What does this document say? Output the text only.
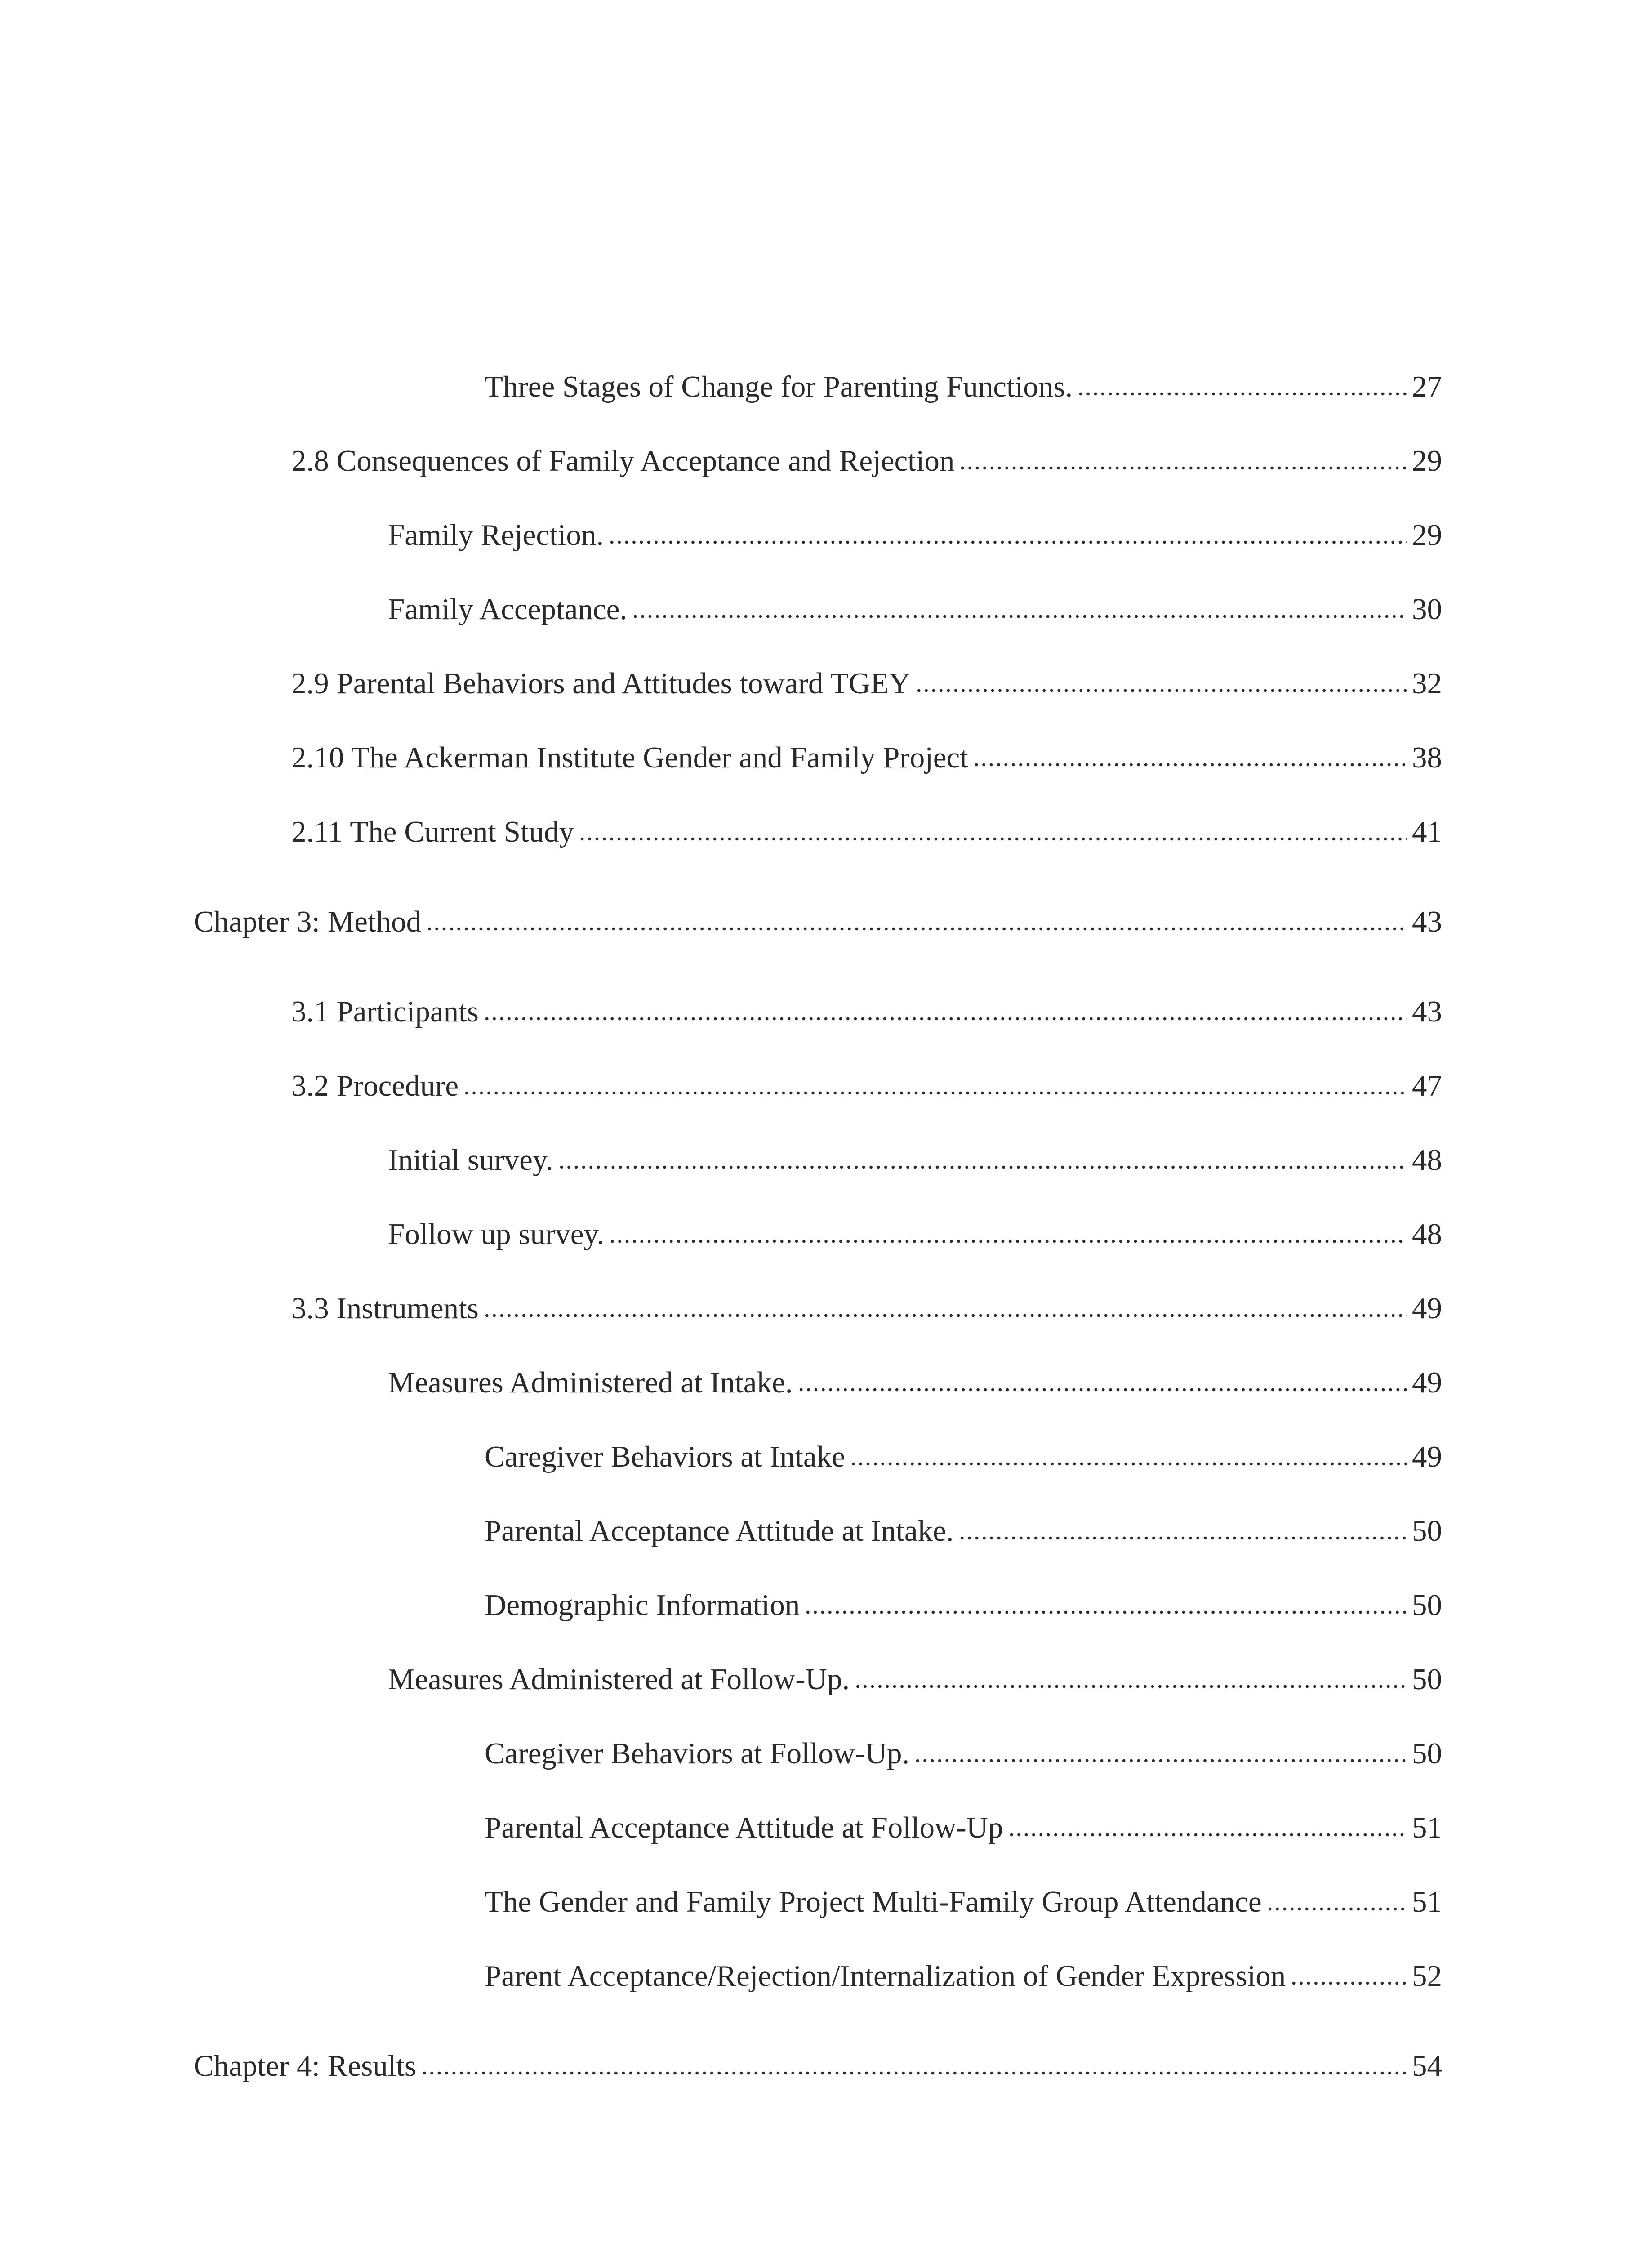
Three Stages of Change for Parenting Functions.	27
2.8 Consequences of Family Acceptance and Rejection	29
Family Rejection.	29
Family Acceptance.	30
2.9 Parental Behaviors and Attitudes toward TGEY	32
2.10 The Ackerman Institute Gender and Family Project	38
2.11 The Current Study	41
Chapter 3: Method	43
3.1 Participants	43
3.2 Procedure	47
Initial survey.	48
Follow up survey.	48
3.3 Instruments	49
Measures Administered at Intake.	49
Caregiver Behaviors at Intake	49
Parental Acceptance Attitude at Intake.	50
Demographic Information	50
Measures Administered at Follow-Up.	50
Caregiver Behaviors at Follow-Up.	50
Parental Acceptance Attitude at Follow-Up	51
The Gender and Family Project Multi-Family Group Attendance	51
Parent Acceptance/Rejection/Internalization of Gender Expression	52
Chapter 4: Results	54
